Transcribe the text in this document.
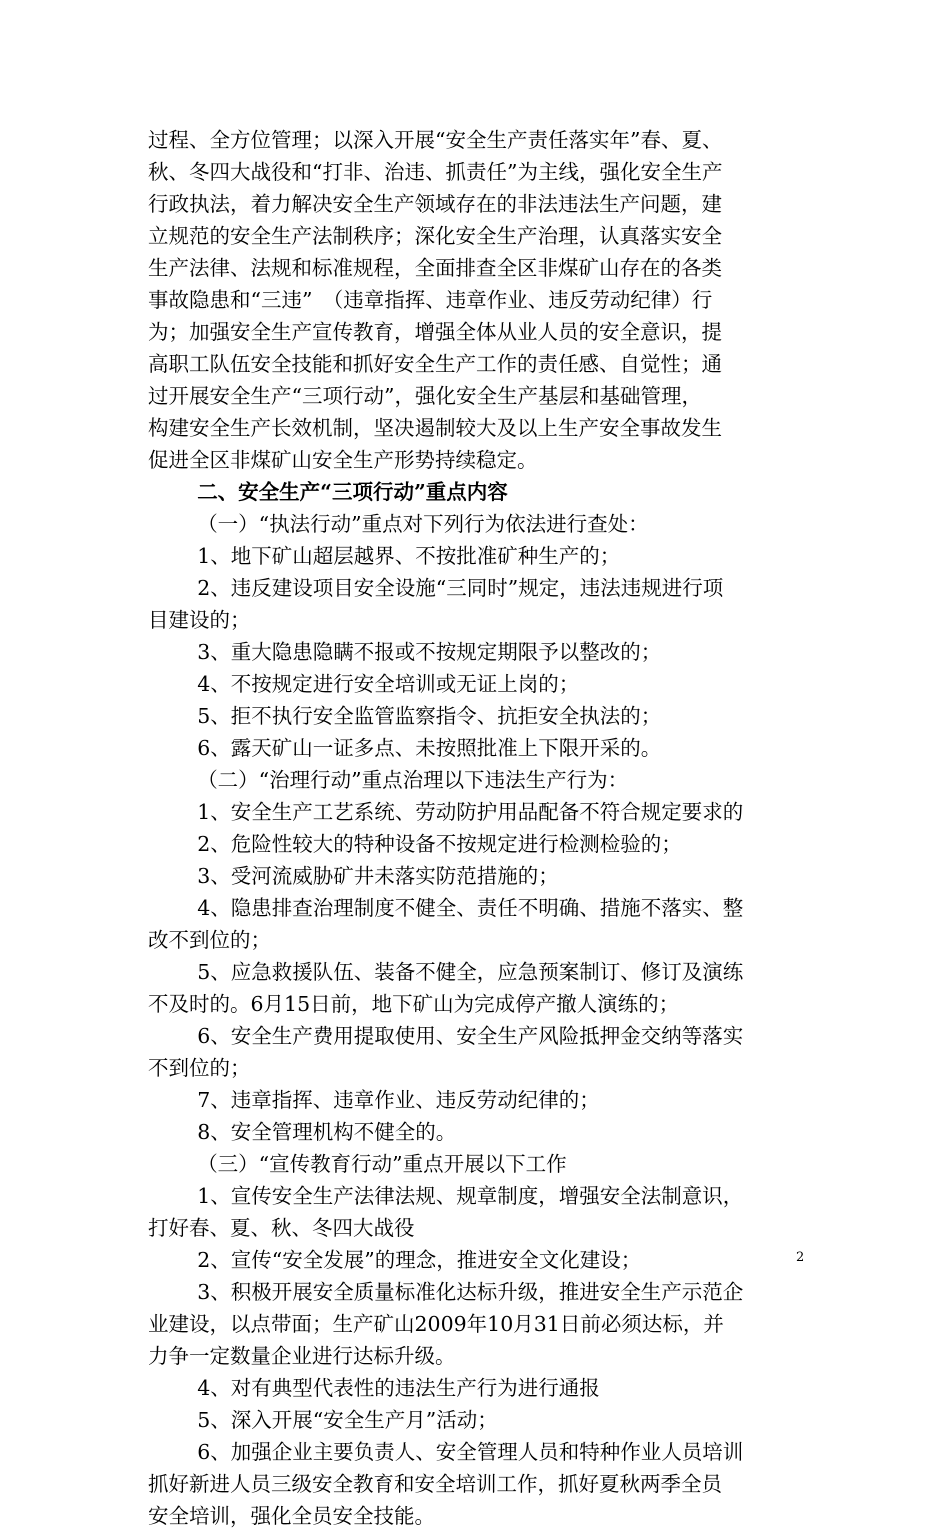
过程、全方位管理；以深入开展“安全生产责任落实年”春、夏、
秋、冬四大战役和“打非、治违、抓责任”为主线，强化安全生产
行政执法，着力解决安全生产领域存在的非法违法生产问题，建
立规范的安全生产法制秩序；深化安全生产治理，认真落实安全
生产法律、法规和标准规程，全面排查全区非煤矿山存在的各类
事故隐患和“三违”　（违章指挥、违章作业、违反劳动纪律）行
为；加强安全生产宣传教育，增强全体从业人员的安全意识，提
高职工队伍安全技能和抓好安全生产工作的责任感、自觉性；通
过开展安全生产“三项行动”，强化安全生产基层和基础管理，
构建安全生产长效机制，坚决遏制较大及以上生产安全事故发生
促进全区非煤矿山安全生产形势持续稳定。
二、安全生产“三项行动”重点内容
（一）“执法行动”重点对下列行为依法进行查处：
1、地下矿山超层越界、不按批准矿种生产的；
2、违反建设项目安全设施“三同时”规定，违法违规进行项
目建设的；
3、重大隐患隐瞒不报或不按规定期限予以整改的；
4、不按规定进行安全培训或无证上岗的；
5、拒不执行安全监管监察指令、抗拒安全执法的；
6、露天矿山一证多点、未按照批准上下限开采的。
（二）“治理行动”重点治理以下违法生产行为：
1、安全生产工艺系统、劳动防护用品配备不符合规定要求的
2、危险性较大的特种设备不按规定进行检测检验的；
3、受河流威胁矿井未落实防范措施的；
4、隐患排查治理制度不健全、责任不明确、措施不落实、整
改不到位的；
5、应急救援队伍、装备不健全，应急预案制订、修订及演练
不及时的。6月15日前，地下矿山为完成停产撤人演练的；
6、安全生产费用提取使用、安全生产风险抵押金交纳等落实
不到位的；
7、违章指挥、违章作业、违反劳动纪律的；
8、安全管理机构不健全的。
（三）“宣传教育行动”重点开展以下工作
1、宣传安全生产法律法规、规章制度，增强安全法制意识，
打好春、夏、秋、冬四大战役
2、宣传“安全发展”的理念，推进安全文化建设；
3、积极开展安全质量标准化达标升级，推进安全生产示范企
业建设，以点带面；生产矿山2009年10月31日前必须达标，并
力争一定数量企业进行达标升级。
4、对有典型代表性的违法生产行为进行通报
5、深入开展“安全生产月”活动；
6、加强企业主要负责人、安全管理人员和特种作业人员培训
抓好新进人员三级安全教育和安全培训工作，抓好夏秋两季全员
安全培训，强化全员安全技能。
2
